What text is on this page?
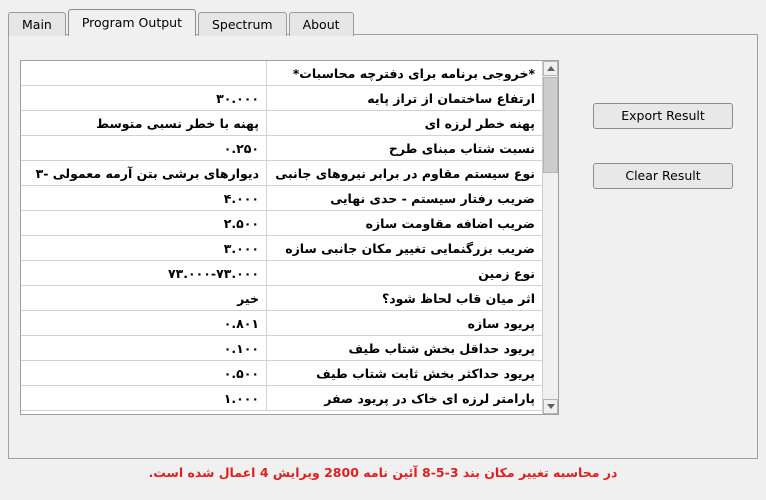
Main	Program Output	Spectrum	About
*خروجی برنامه برای دفترچه محاسبات*	
ارتفاع ساختمان از تراز پایه	۳۰.۰۰۰
پهنه خطر لرزه ای	پهنه با خطر نسبی متوسط
نسبت شتاب مبنای طرح	۰.۲۵۰
نوع سیستم مقاوم در برابر نیروهای جانبی	دیوارهای برشی بتن آرمه معمولی -۳
ضریب رفتار سیستم - حدی نهایی	۴.۰۰۰
ضریب اضافه مقاومت سازه	۲.۵۰۰
ضریب بزرگنمایی تغییر مکان جانبی سازه	۳.۰۰۰
نوع زمین	۷۳.۰۰۰-۷۳.۰۰۰
اثر میان قاب لحاظ شود؟	خیر
پریود سازه	۰.۸۰۱
پریود حداقل بخش شتاب طیف	۰.۱۰۰
پریود حداکثر بخش ثابت شتاب طیف	۰.۵۰۰
پارامتر لرزه ای خاک در پریود صفر	۱.۰۰۰
Export Result
Clear Result
در محاسبه تغییر مکان بند 3-5-8 آئین نامه 2800 ویرایش 4 اعمال شده است.
